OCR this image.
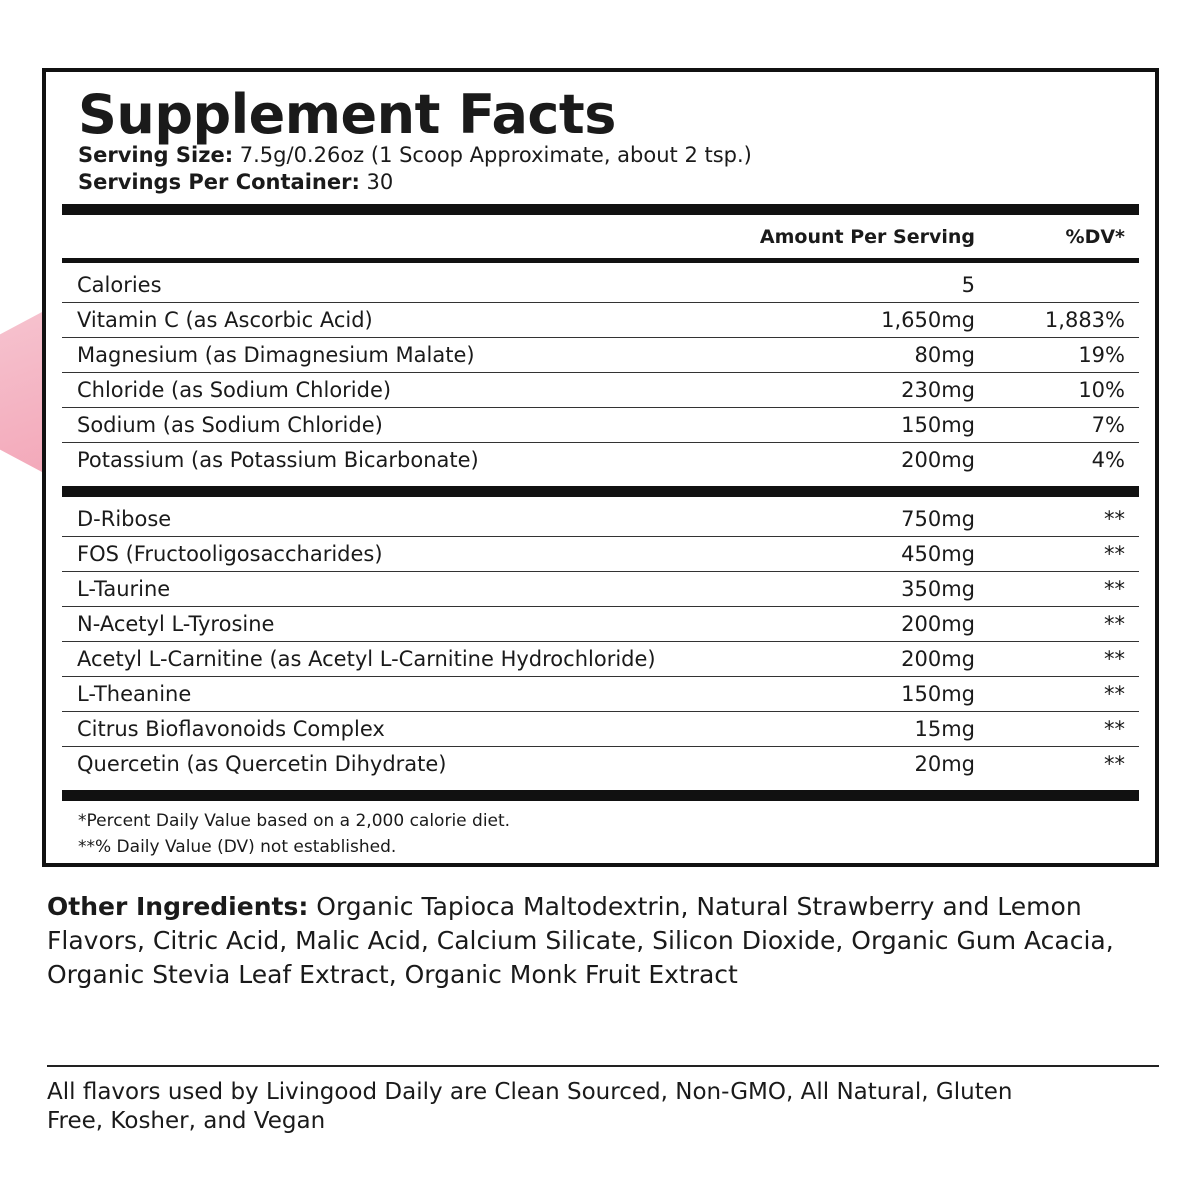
Supplement Facts
Serving Size: 7.5g/0.26oz (1 Scoop Approximate, about 2 tsp.)
Servings Per Container: 30
Amount Per Serving	%DV*
Calories	5
Vitamin C (as Ascorbic Acid)	1,650mg	1,883%
Magnesium (as Dimagnesium Malate)	80mg	19%
Chloride (as Sodium Chloride)	230mg	10%
Sodium (as Sodium Chloride)	150mg	7%
Potassium (as Potassium Bicarbonate)	200mg	4%
D-Ribose	750mg	**
FOS (Fructooligosaccharides)	450mg	**
L-Taurine	350mg	**
N-Acetyl L-Tyrosine	200mg	**
Acetyl L-Carnitine (as Acetyl L-Carnitine Hydrochloride)	200mg	**
L-Theanine	150mg	**
Citrus Bioflavonoids Complex	15mg	**
Quercetin (as Quercetin Dihydrate)	20mg	**
*Percent Daily Value based on a 2,000 calorie diet.
**% Daily Value (DV) not established.
Other Ingredients: Organic Tapioca Maltodextrin, Natural Strawberry and Lemon Flavors, Citric Acid, Malic Acid, Calcium Silicate, Silicon Dioxide, Organic Gum Acacia, Organic Stevia Leaf Extract, Organic Monk Fruit Extract
All flavors used by Livingood Daily are Clean Sourced, Non-GMO, All Natural, Gluten Free, Kosher, and Vegan
